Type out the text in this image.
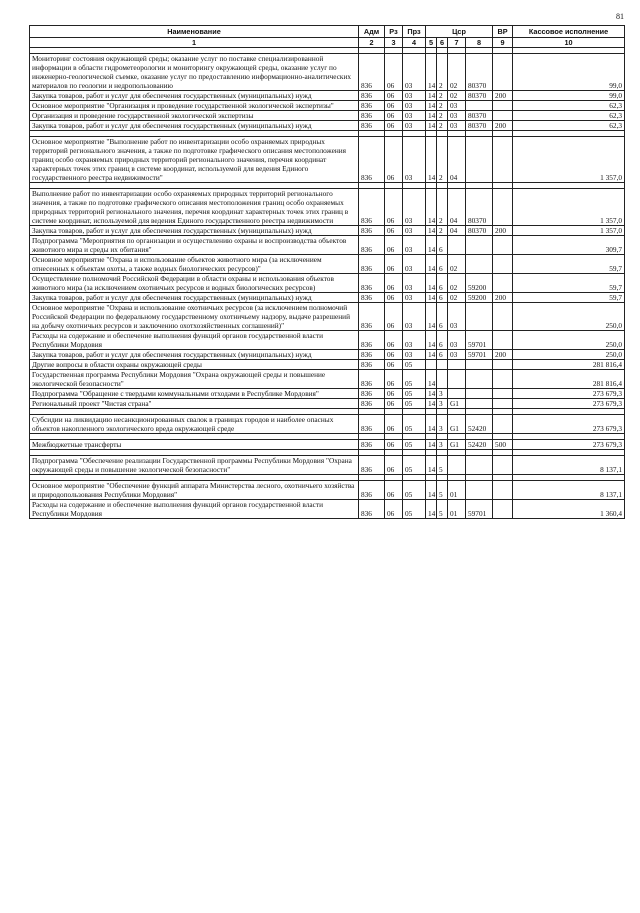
81
Наименование	Адм	Рз	Прз	Цср				ВР	Кассовое исполнение
1	2	3	4	5	6	7	8	9	10

Мониторинг состояния окружающей среды; оказание услуг по поставке специализированной информации в области гидрометеорологии и мониторингу окружающей среды, оказание услуг по инженерно-геологической съемке, оказание услуг по предоставлению информационно-аналитических материалов по геологии и недропользованию	836	06	03	14	2	02	80370		99,0
Закупка товаров, работ и услуг для обеспечения государственных (муниципальных) нужд	836	06	03	14	2	02	80370	200	99,0
Основное мероприятие "Организация и проведение государственной экологической экспертизы"	836	06	03	14	2	03			62,3
Организация и проведение государственной экологической экспертизы	836	06	03	14	2	03	80370		62,3
Закупка товаров, работ и услуг для обеспечения государственных (муниципальных) нужд	836	06	03	14	2	03	80370	200	62,3

Основное мероприятие "Выполнение работ по инвентаризации особо охраняемых природных территорий регионального значения, а также по подготовке графического описания местоположения границ особо охраняемых природных территорий регионального значения, перечня координат характерных точек этих границ в системе координат, используемой для ведения Единого государственного реестра недвижимости"	836	06	03	14	2	04			1 357,0

Выполнение работ по инвентаризации особо охраняемых природных территорий регионального значения, а также по подготовке графического описания местоположения границ особо охраняемых природных территорий регионального значения, перечня координат характерных точек этих границ в системе координат, используемой для ведения Единого государственного реестра недвижимости	836	06	03	14	2	04	80370		1 357,0
Закупка товаров, работ и услуг для обеспечения государственных (муниципальных) нужд	836	06	03	14	2	04	80370	200	1 357,0
Подпрограмма "Мероприятия по организации и осуществлению охраны и воспроизводства объектов животного мира и среды их обитания"	836	06	03	14	6				309,7
Основное мероприятие "Охрана и использование объектов животного мира (за исключением отнесенных к объектам охоты, а также водных биологических ресурсов)"	836	06	03	14	6	02			59,7
Осуществление полномочий Российской Федерации в области охраны и использования объектов животного мира (за исключением охотничьих ресурсов и водных биологических ресурсов)	836	06	03	14	6	02	59200		59,7
Закупка товаров, работ и услуг для обеспечения государственных (муниципальных) нужд	836	06	03	14	6	02	59200	200	59,7
Основное мероприятие "Охрана и использование охотничьих ресурсов (за исключением полномочий Российской Федерации по федеральному государственному охотничьему надзору, выдаче разрешений на добычу охотничьих ресурсов и заключению охотхозяйственных соглашений)"	836	06	03	14	6	03			250,0
Расходы на содержание и обеспечение выполнения функций органов государственной власти Республики Мордовия	836	06	03	14	6	03	59701		250,0
Закупка товаров, работ и услуг для обеспечения государственных (муниципальных) нужд	836	06	03	14	6	03	59701	200	250,0
Другие вопросы в области охраны окружающей среды	836	06	05						281 816,4
Государственная программа Республики Мордовия "Охрана окружающей среды и повышение экологической безопасности"	836	06	05	14					281 816,4
Подпрограмма "Обращение с твердыми коммунальными отходами в Республике Мордовия"	836	06	05	14	3				273 679,3
Региональный проект "Чистая страна"	836	06	05	14	3	G1			273 679,3

Субсидии на ликвидацию несанкционированных свалок в границах городов и наиболее опасных объектов накопленного экологического вреда окружающей среде	836	06	05	14	3	G1	52420		273 679,3

Межбюджетные трансферты	836	06	05	14	3	G1	52420	500	273 679,3

Подпрограмма "Обеспечение реализации Государственной программы Республики Мордовия "Охрана окружающей среды и повышение экологической безопасности"	836	06	05	14	5				8 137,1

Основное мероприятие "Обеспечение функций аппарата Министерства лесного, охотничьего хозяйства и природопользования Республики Мордовия"	836	06	05	14	5	01			8 137,1
Расходы на содержание и обеспечение выполнения функций органов государственной власти Республики Мордовия	836	06	05	14	5	01	59701		1 360,4
